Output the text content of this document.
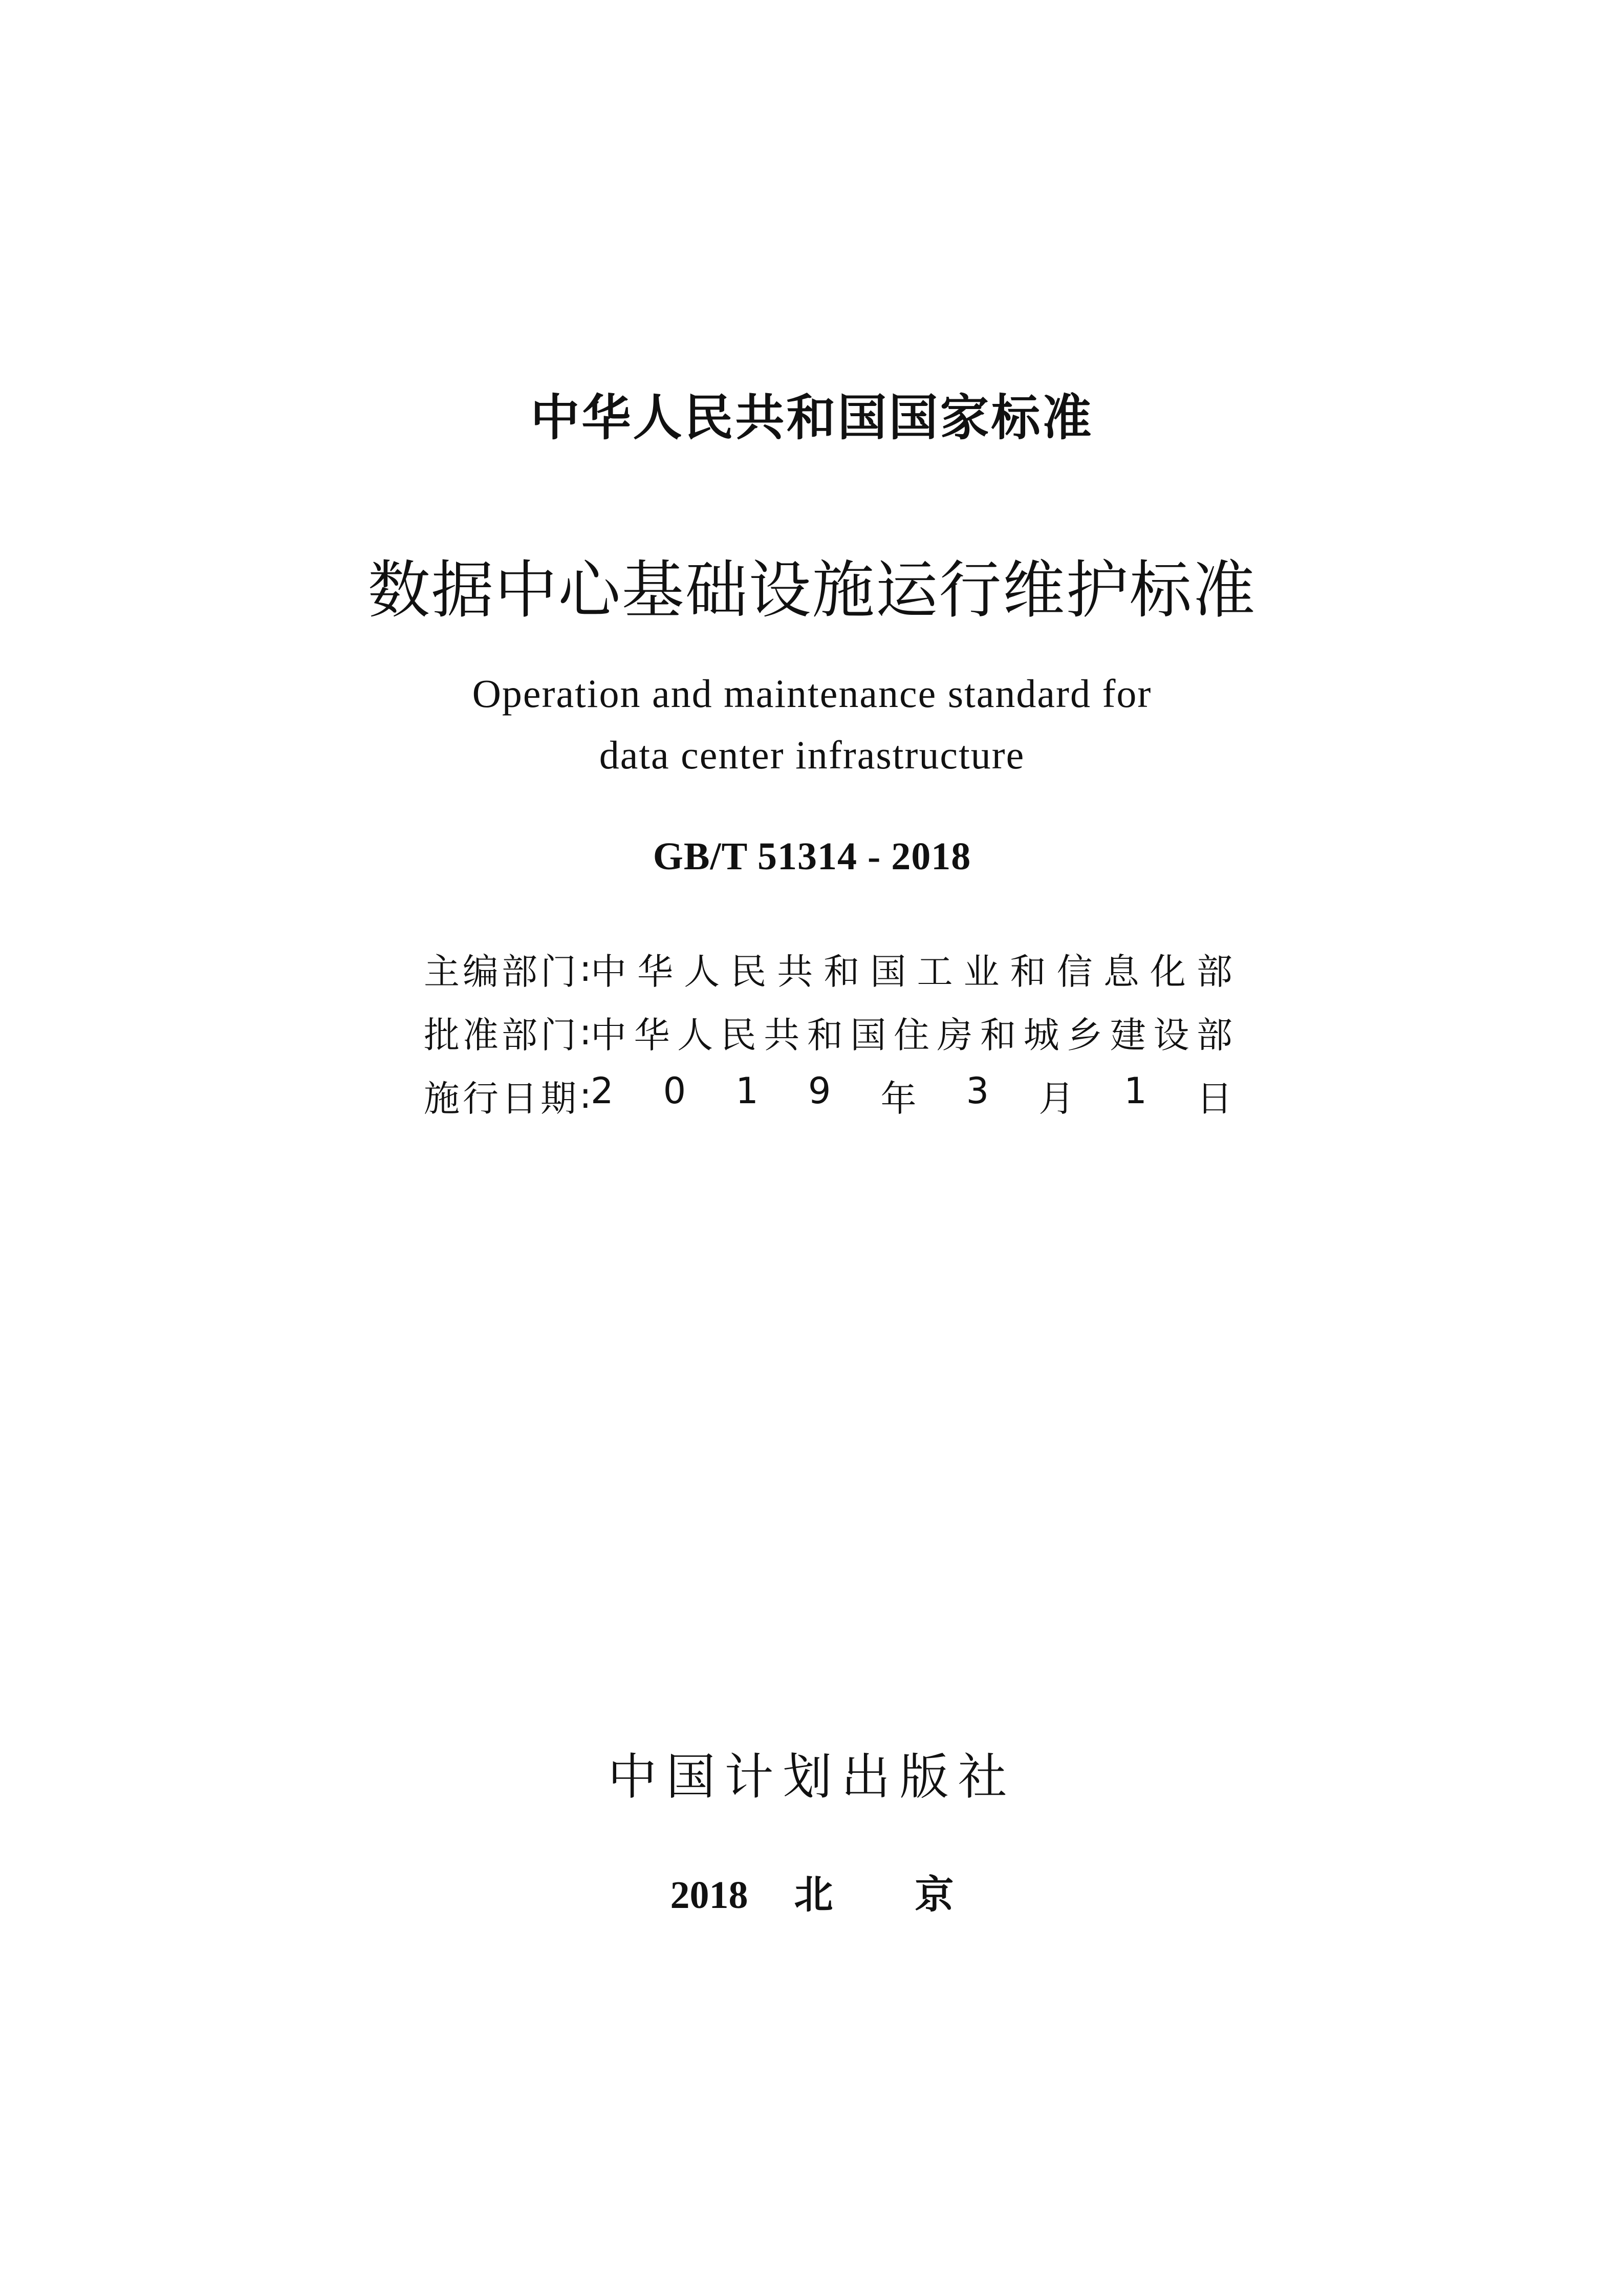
中华人民共和国国家标准
数据中心基础设施运行维护标准
Operation and maintenance standard for
data center infrastructure
GB/T 51314 - 2018
主编部门 :
中 华 人 民 共 和 国 工 业 和 信 息 化 部
批准部门 :
中 华 人 民 共 和 国 住 房 和 城 乡 建 设 部
施行日期 :
2 0 1 9 年 3 月 1 日
中国计划出版社
2018 北 京
